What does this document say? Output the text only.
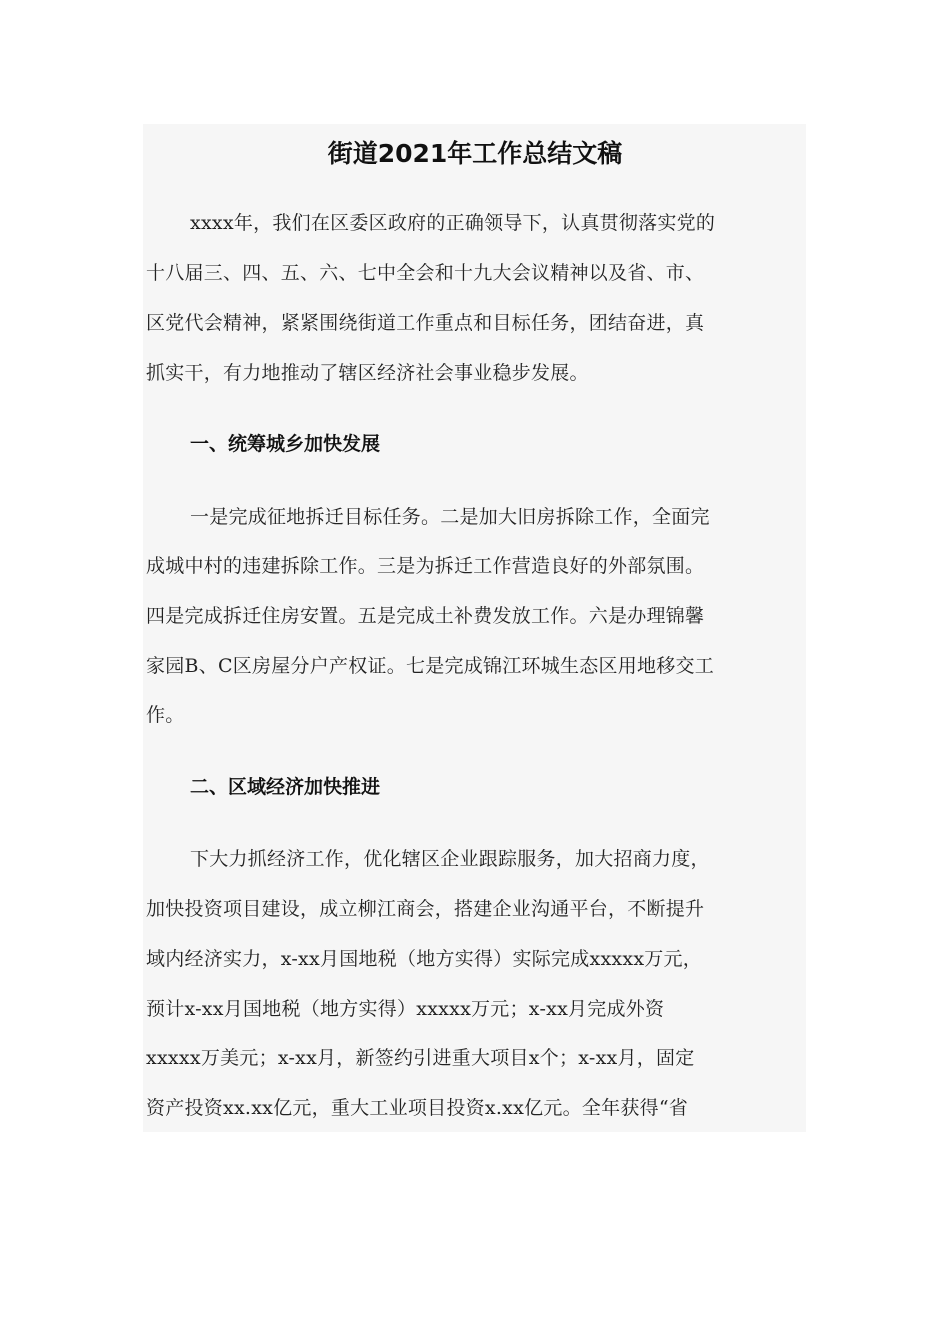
街道2021年工作总结文稿
xxxx年，我们在区委区政府的正确领导下，认真贯彻落实党的
十八届三、四、五、六、七中全会和十九大会议精神以及省、市、
区党代会精神，紧紧围绕街道工作重点和目标任务，团结奋进，真
抓实干，有力地推动了辖区经济社会事业稳步发展。
一、统筹城乡加快发展
一是完成征地拆迁目标任务。二是加大旧房拆除工作，全面完
成城中村的违建拆除工作。三是为拆迁工作营造良好的外部氛围。
四是完成拆迁住房安置。五是完成土补费发放工作。六是办理锦馨
家园B、C区房屋分户产权证。七是完成锦江环城生态区用地移交工
作。
二、区域经济加快推进
下大力抓经济工作，优化辖区企业跟踪服务，加大招商力度，
加快投资项目建设，成立柳江商会，搭建企业沟通平台，不断提升
域内经济实力，x-xx月国地税（地方实得）实际完成xxxxx万元，
预计x-xx月国地税（地方实得）xxxxx万元；x-xx月完成外资
xxxxx万美元；x-xx月，新签约引进重大项目x个；x-xx月，固定
资产投资xx.xx亿元，重大工业项目投资x.xx亿元。全年获得“省
